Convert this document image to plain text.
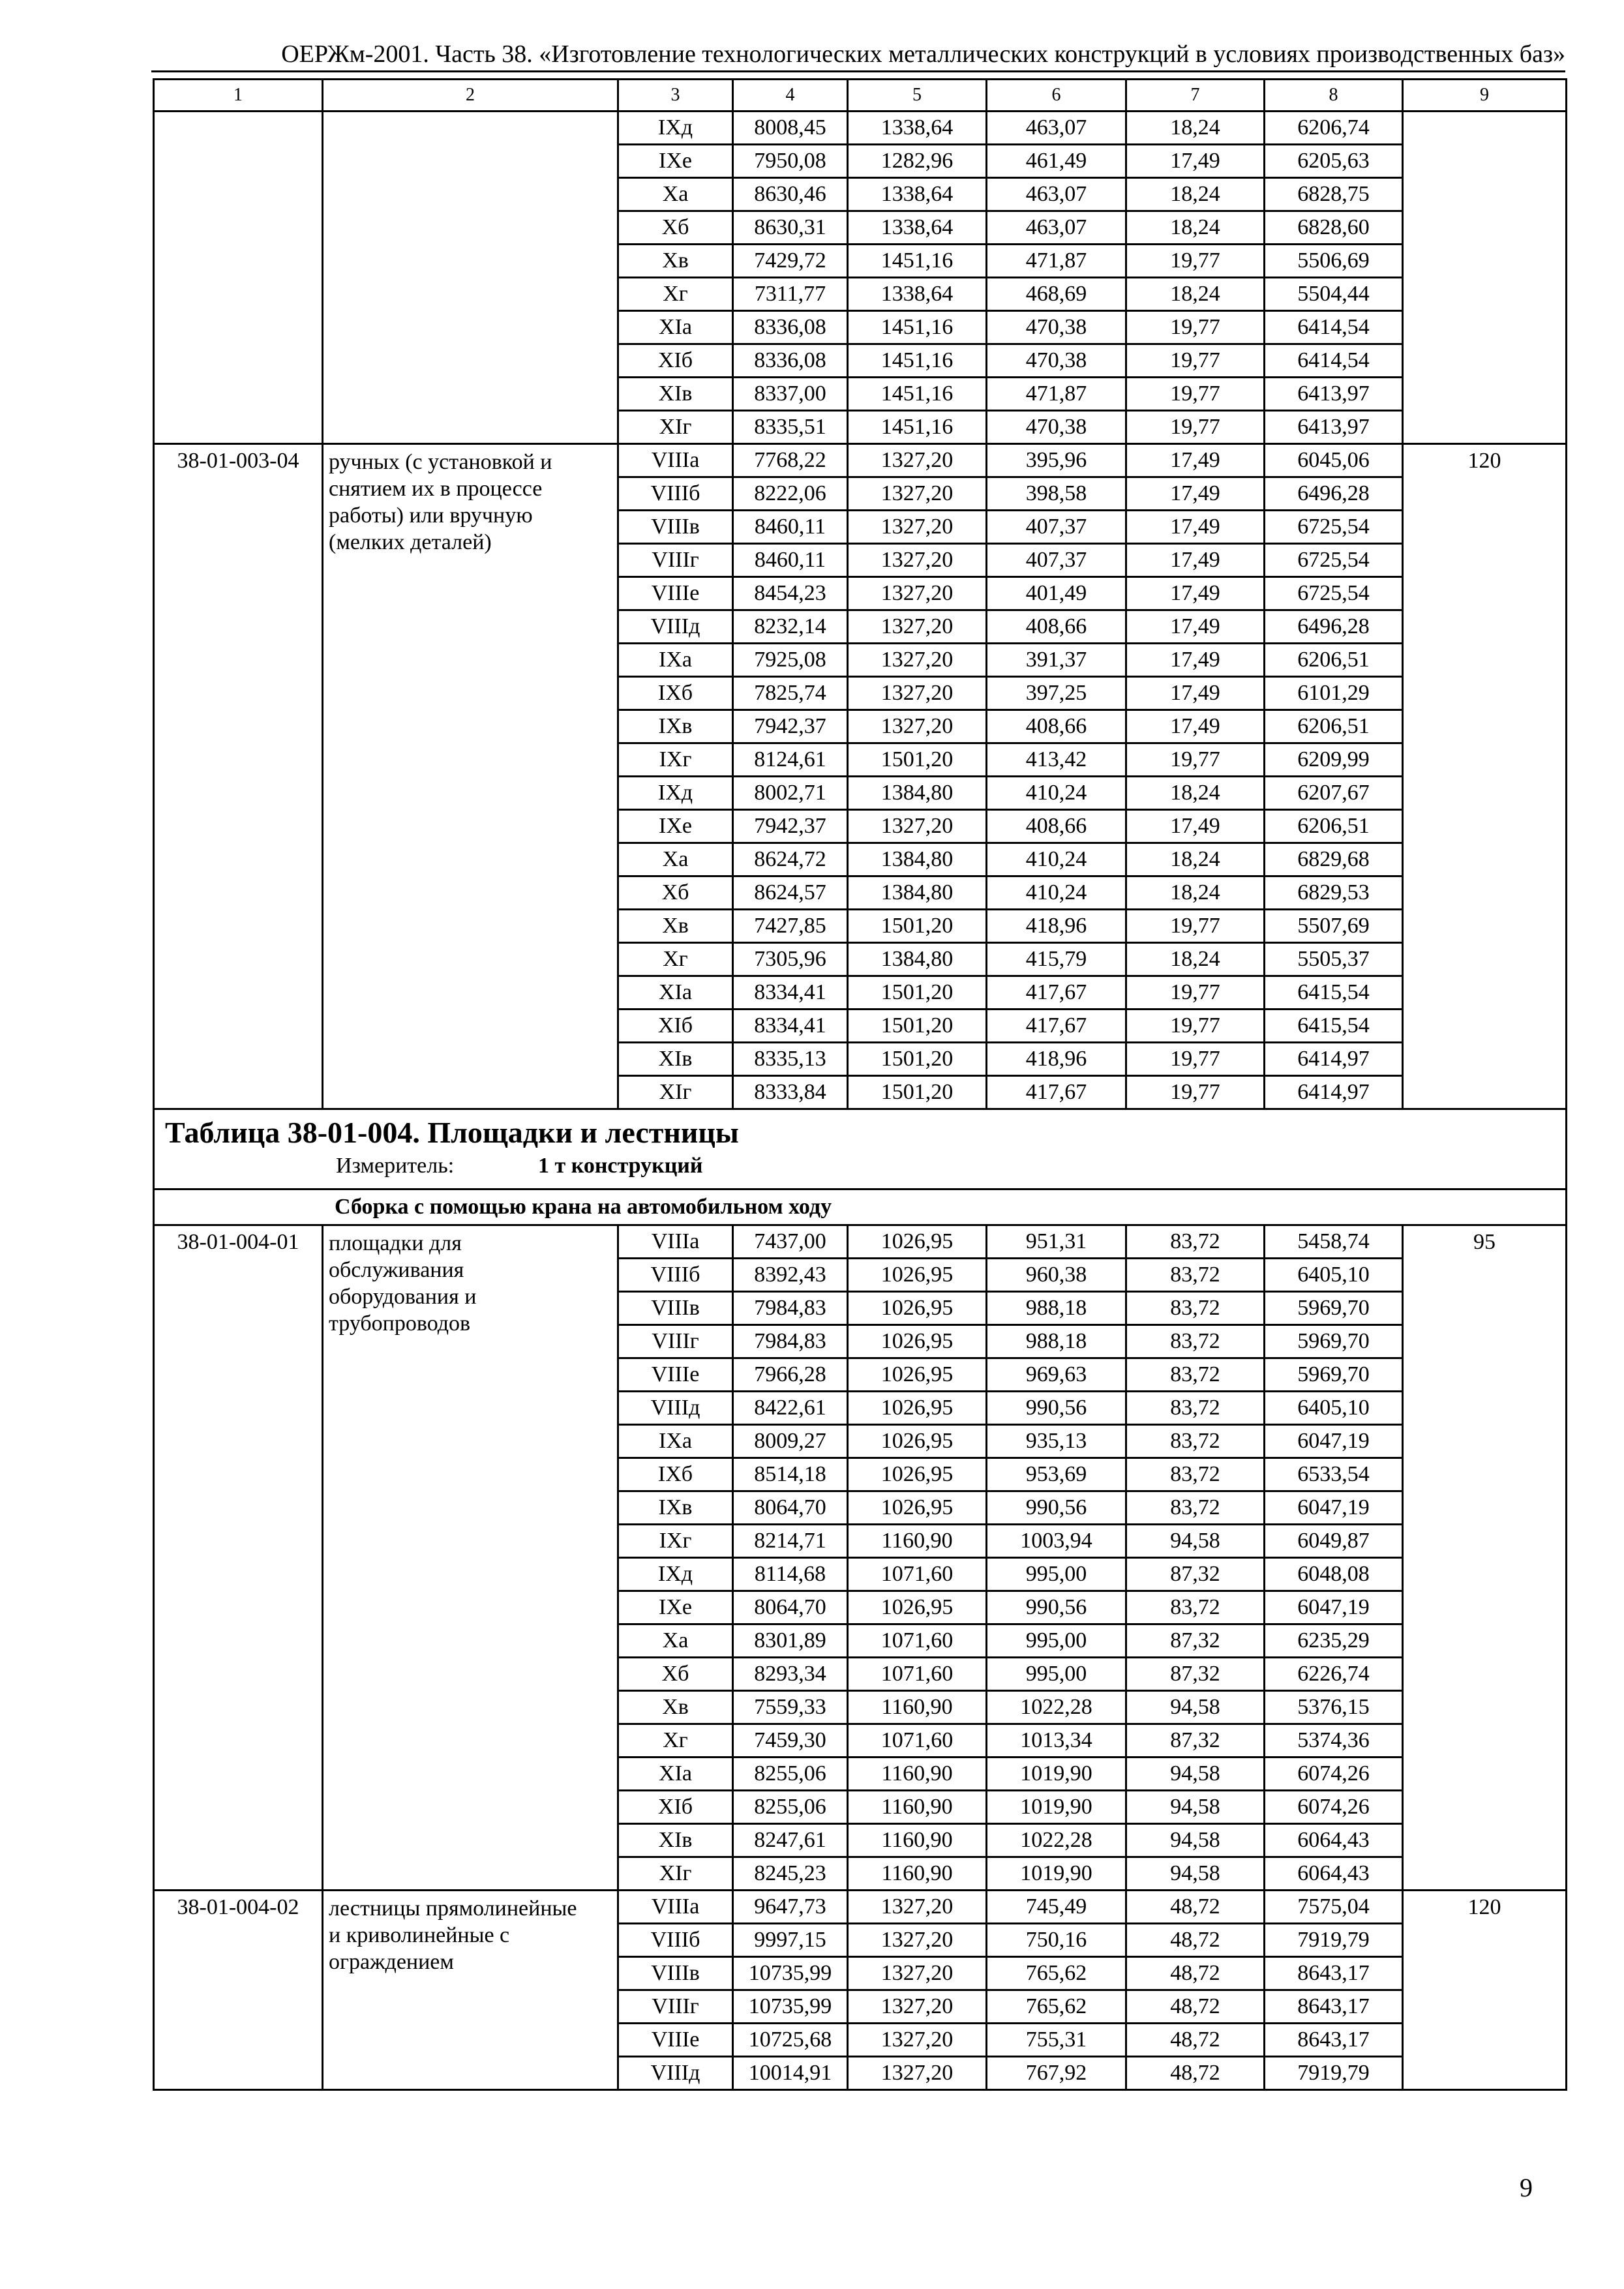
ОЕРЖм-2001. Часть 38. «Изготовление технологических металлических конструкций в условиях производственных баз»
1	2	3	4	5	6	7	8	9
		IХд	8008,45	1338,64	463,07	18,24	6206,74	
		IХе	7950,08	1282,96	461,49	17,49	6205,63	
		Ха	8630,46	1338,64	463,07	18,24	6828,75	
		Хб	8630,31	1338,64	463,07	18,24	6828,60	
		Хв	7429,72	1451,16	471,87	19,77	5506,69	
		Хг	7311,77	1338,64	468,69	18,24	5504,44	
		ХIа	8336,08	1451,16	470,38	19,77	6414,54	
		ХIб	8336,08	1451,16	470,38	19,77	6414,54	
		ХIв	8337,00	1451,16	471,87	19,77	6413,97	
		ХIг	8335,51	1451,16	470,38	19,77	6413,97	
38-01-003-04	ручных (с установкой и
снятием их в процессе
работы) или вручную
(мелких деталей)	VIIIа	7768,22	1327,20	395,96	17,49	6045,06	120
		VIIIб	8222,06	1327,20	398,58	17,49	6496,28	
		VIIIв	8460,11	1327,20	407,37	17,49	6725,54	
		VIIIг	8460,11	1327,20	407,37	17,49	6725,54	
		VIIIе	8454,23	1327,20	401,49	17,49	6725,54	
		VIIIд	8232,14	1327,20	408,66	17,49	6496,28	
		IХа	7925,08	1327,20	391,37	17,49	6206,51	
		IХб	7825,74	1327,20	397,25	17,49	6101,29	
		IХв	7942,37	1327,20	408,66	17,49	6206,51	
		IХг	8124,61	1501,20	413,42	19,77	6209,99	
		IХд	8002,71	1384,80	410,24	18,24	6207,67	
		IХе	7942,37	1327,20	408,66	17,49	6206,51	
		Ха	8624,72	1384,80	410,24	18,24	6829,68	
		Хб	8624,57	1384,80	410,24	18,24	6829,53	
		Хв	7427,85	1501,20	418,96	19,77	5507,69	
		Хг	7305,96	1384,80	415,79	18,24	5505,37	
		ХIа	8334,41	1501,20	417,67	19,77	6415,54	
		ХIб	8334,41	1501,20	417,67	19,77	6415,54	
		ХIв	8335,13	1501,20	418,96	19,77	6414,97	
		ХIг	8333,84	1501,20	417,67	19,77	6414,97	

Таблица 38-01-004. Площадки и лестницы
Измеритель: 1 т конструкций								

Сборка с помощью крана на автомобильном ходу								
38-01-004-01	площадки для
обслуживания
оборудования и
трубопроводов	VIIIа	7437,00	1026,95	951,31	83,72	5458,74	95
		VIIIб	8392,43	1026,95	960,38	83,72	6405,10	
		VIIIв	7984,83	1026,95	988,18	83,72	5969,70	
		VIIIг	7984,83	1026,95	988,18	83,72	5969,70	
		VIIIе	7966,28	1026,95	969,63	83,72	5969,70	
		VIIIд	8422,61	1026,95	990,56	83,72	6405,10	
		IХа	8009,27	1026,95	935,13	83,72	6047,19	
		IХб	8514,18	1026,95	953,69	83,72	6533,54	
		IХв	8064,70	1026,95	990,56	83,72	6047,19	
		IХг	8214,71	1160,90	1003,94	94,58	6049,87	
		IХд	8114,68	1071,60	995,00	87,32	6048,08	
		IХе	8064,70	1026,95	990,56	83,72	6047,19	
		Ха	8301,89	1071,60	995,00	87,32	6235,29	
		Хб	8293,34	1071,60	995,00	87,32	6226,74	
		Хв	7559,33	1160,90	1022,28	94,58	5376,15	
		Хг	7459,30	1071,60	1013,34	87,32	5374,36	
		ХIа	8255,06	1160,90	1019,90	94,58	6074,26	
		ХIб	8255,06	1160,90	1019,90	94,58	6074,26	
		ХIв	8247,61	1160,90	1022,28	94,58	6064,43	
		ХIг	8245,23	1160,90	1019,90	94,58	6064,43	
38-01-004-02	лестницы прямолинейные
и криволинейные с
ограждением	VIIIа	9647,73	1327,20	745,49	48,72	7575,04	120
		VIIIб	9997,15	1327,20	750,16	48,72	7919,79	
		VIIIв	10735,99	1327,20	765,62	48,72	8643,17	
		VIIIг	10735,99	1327,20	765,62	48,72	8643,17	
		VIIIе	10725,68	1327,20	755,31	48,72	8643,17	
		VIIIд	10014,91	1327,20	767,92	48,72	7919,79	
9
